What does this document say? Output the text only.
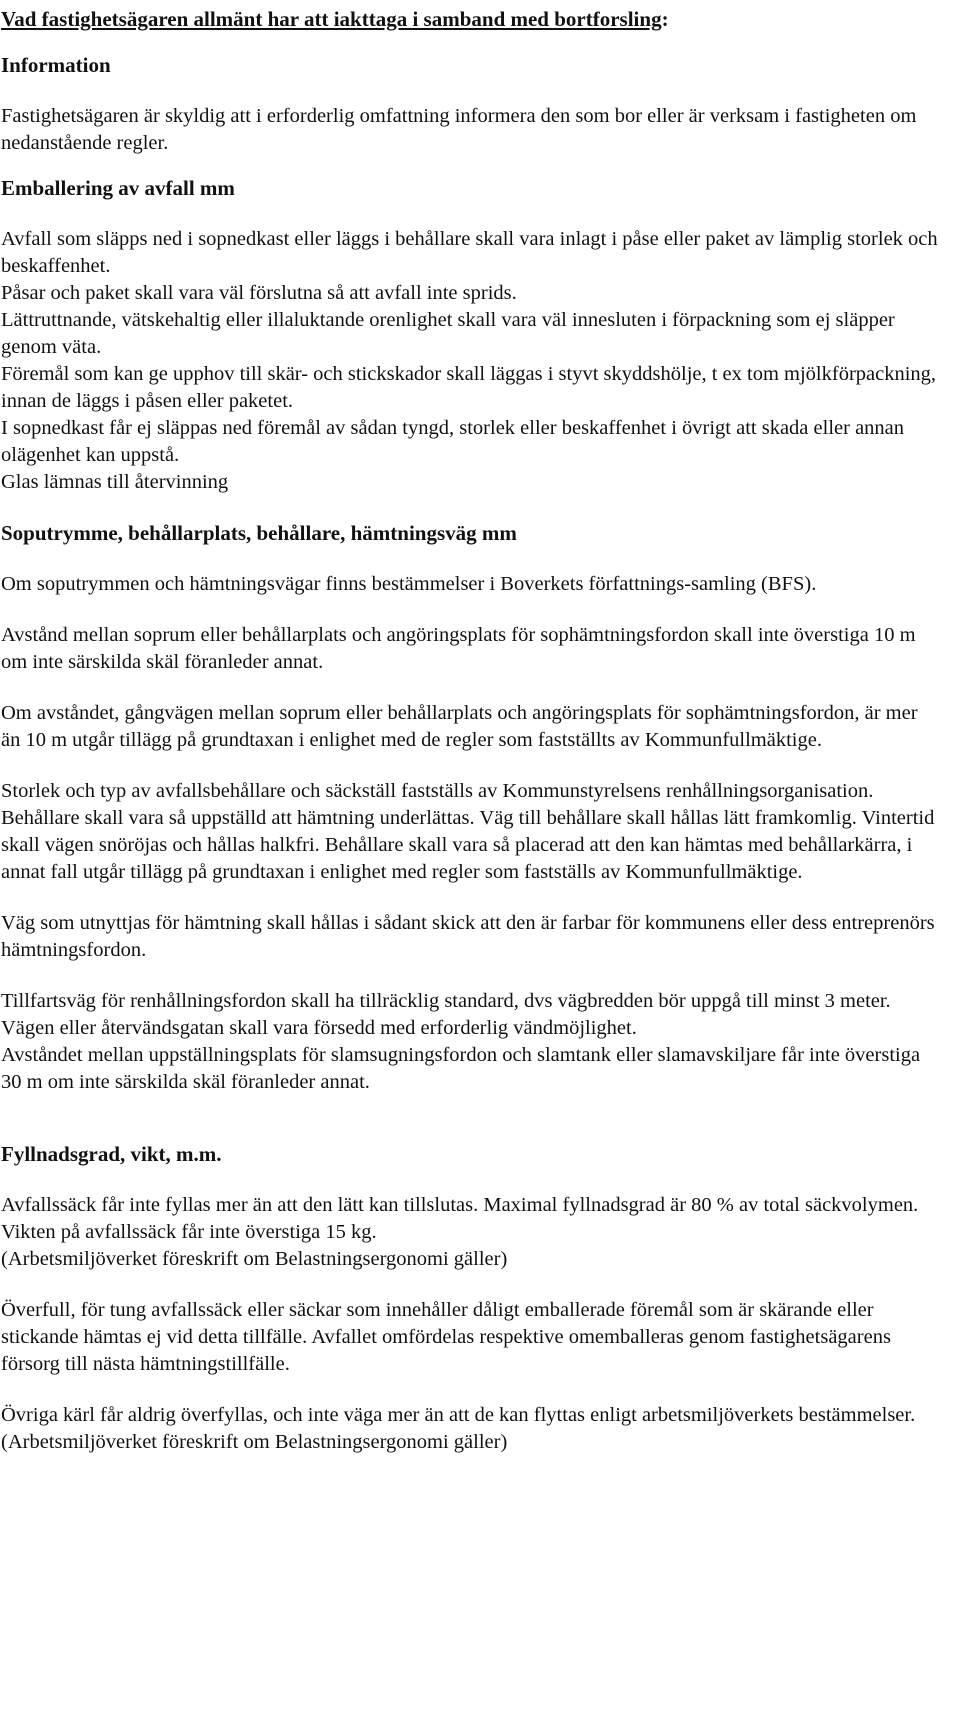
Vad fastighetsägaren allmänt har att iakttaga i samband med bortforsling:
Information

Fastighetsägaren är skyldig att i erforderlig omfattning informera den som bor eller är verksam i fastigheten om nedanstående regler.

Emballering av avfall mm

Avfall som släpps ned i sopnedkast eller läggs i behållare skall vara inlagt i påse eller paket av lämplig storlek och beskaffenhet.

Påsar och paket skall vara väl förslutna så att avfall inte sprids.

Lättruttnande, vätskehaltig eller illaluktande orenlighet skall vara väl innesluten i förpackning som ej släpper genom väta.

Föremål som kan ge upphov till skär- och stickskador skall läggas i styvt skyddshölje, t ex tom mjölkförpackning, innan de läggs i påsen eller paketet.

I sopnedkast får ej släppas ned föremål av sådan tyngd, storlek eller beskaffenhet i övrigt att skada eller annan olägenhet kan uppstå.

Glas lämnas till återvinning

Soputrymme, behållarplats, behållare, hämtningsväg mm

Om soputrymmen och hämtningsvägar finns bestämmelser i Boverkets författnings-samling (BFS).

Avstånd mellan soprum eller behållarplats och angöringsplats för sophämtningsfordon skall inte överstiga 10 m om inte särskilda skäl föranleder annat.

Om avståndet, gångvägen mellan soprum eller behållarplats och angöringsplats för sophämtningsfordon, är mer än 10 m utgår tillägg på grundtaxan i enlighet med de regler som fastställts av Kommunfullmäktige.

Storlek och typ av avfallsbehållare och säckställ fastställs av Kommunstyrelsens renhållningsorganisation. Behållare skall vara så uppställd att hämtning underlättas. Väg till behållare skall hållas lätt framkomlig. Vintertid skall vägen snöröjas och hållas halkfri. Behållare skall vara så placerad att den kan hämtas med behållarkärra, i annat fall utgår tillägg på grundtaxan i enlighet med regler som fastställs av Kommunfullmäktige.

Väg som utnyttjas för hämtning skall hållas i sådant skick att den är farbar för kommunens eller dess entreprenörs hämtningsfordon.

Tillfartsväg för renhållningsfordon skall ha tillräcklig standard, dvs vägbredden bör uppgå till minst 3 meter. Vägen eller återvändsgatan skall vara försedd med erforderlig vändmöjlighet.

Avståndet mellan uppställningsplats för slamsugningsfordon och slamtank eller slamavskiljare får inte överstiga 30 m om inte särskilda skäl föranleder annat.

Fyllnadsgrad, vikt, m.m.

Avfallssäck får inte fyllas mer än att den lätt kan tillslutas. Maximal fyllnadsgrad är 80 % av total säckvolymen. Vikten på avfallssäck får inte överstiga 15 kg.

(Arbetsmiljöverket föreskrift om Belastningsergonomi gäller)

Överfull, för tung avfallssäck eller säckar som innehåller dåligt emballerade föremål som är skärande eller stickande hämtas ej vid detta tillfälle. Avfallet omfördelas respektive omemballeras genom fastighetsägarens försorg till nästa hämtningstillfälle.

Övriga kärl får aldrig överfyllas, och inte väga mer än att de kan flyttas enligt arbetsmiljöverkets bestämmelser.

(Arbetsmiljöverket föreskrift om Belastningsergonomi gäller)
